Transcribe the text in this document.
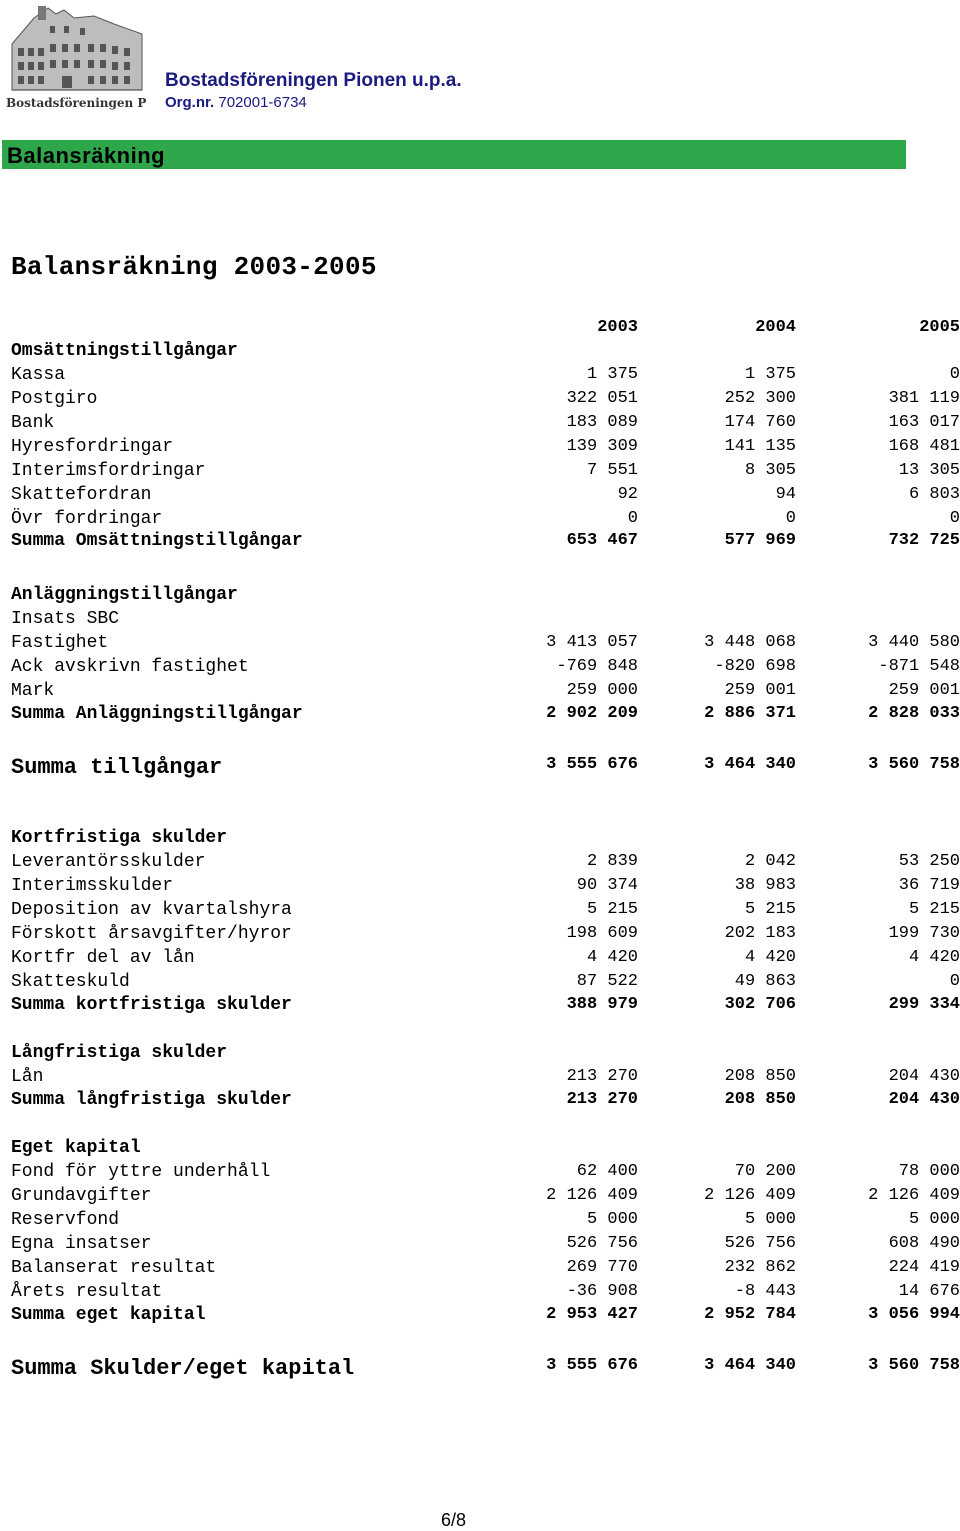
Bostadsföreningen P
Bostadsföreningen Pionen u.p.a.
Org.nr. 702001-6734
Balansräkning
Balansräkning 2003-2005
2003	2004	2005
Omsättningstillgångar
Kassa	1 375	1 375	0
Postgiro	322 051	252 300	381 119
Bank	183 089	174 760	163 017
Hyresfordringar	139 309	141 135	168 481
Interimsfordringar	7 551	8 305	13 305
Skattefordran	92	94	6 803
Övr fordringar	0	0	0
Summa Omsättningstillgångar	653 467	577 969	732 725
Anläggningstillgångar
Insats SBC
Fastighet	3 413 057	3 448 068	3 440 580
Ack avskrivn fastighet	-769 848	-820 698	-871 548
Mark	259 000	259 001	259 001
Summa Anläggningstillgångar	2 902 209	2 886 371	2 828 033
Summa tillgångar	3 555 676	3 464 340	3 560 758
Kortfristiga skulder
Leverantörsskulder	2 839	2 042	53 250
Interimsskulder	90 374	38 983	36 719
Deposition av kvartalshyra	5 215	5 215	5 215
Förskott årsavgifter/hyror	198 609	202 183	199 730
Kortfr del av lån	4 420	4 420	4 420
Skatteskuld	87 522	49 863	0
Summa kortfristiga skulder	388 979	302 706	299 334
Långfristiga skulder
Lån	213 270	208 850	204 430
Summa långfristiga skulder	213 270	208 850	204 430
Eget kapital
Fond för yttre underhåll	62 400	70 200	78 000
Grundavgifter	2 126 409	2 126 409	2 126 409
Reservfond	5 000	5 000	5 000
Egna insatser	526 756	526 756	608 490
Balanserat resultat	269 770	232 862	224 419
Årets resultat	-36 908	-8 443	14 676
Summa eget kapital	2 953 427	2 952 784	3 056 994
Summa Skulder/eget kapital	3 555 676	3 464 340	3 560 758
6/8
